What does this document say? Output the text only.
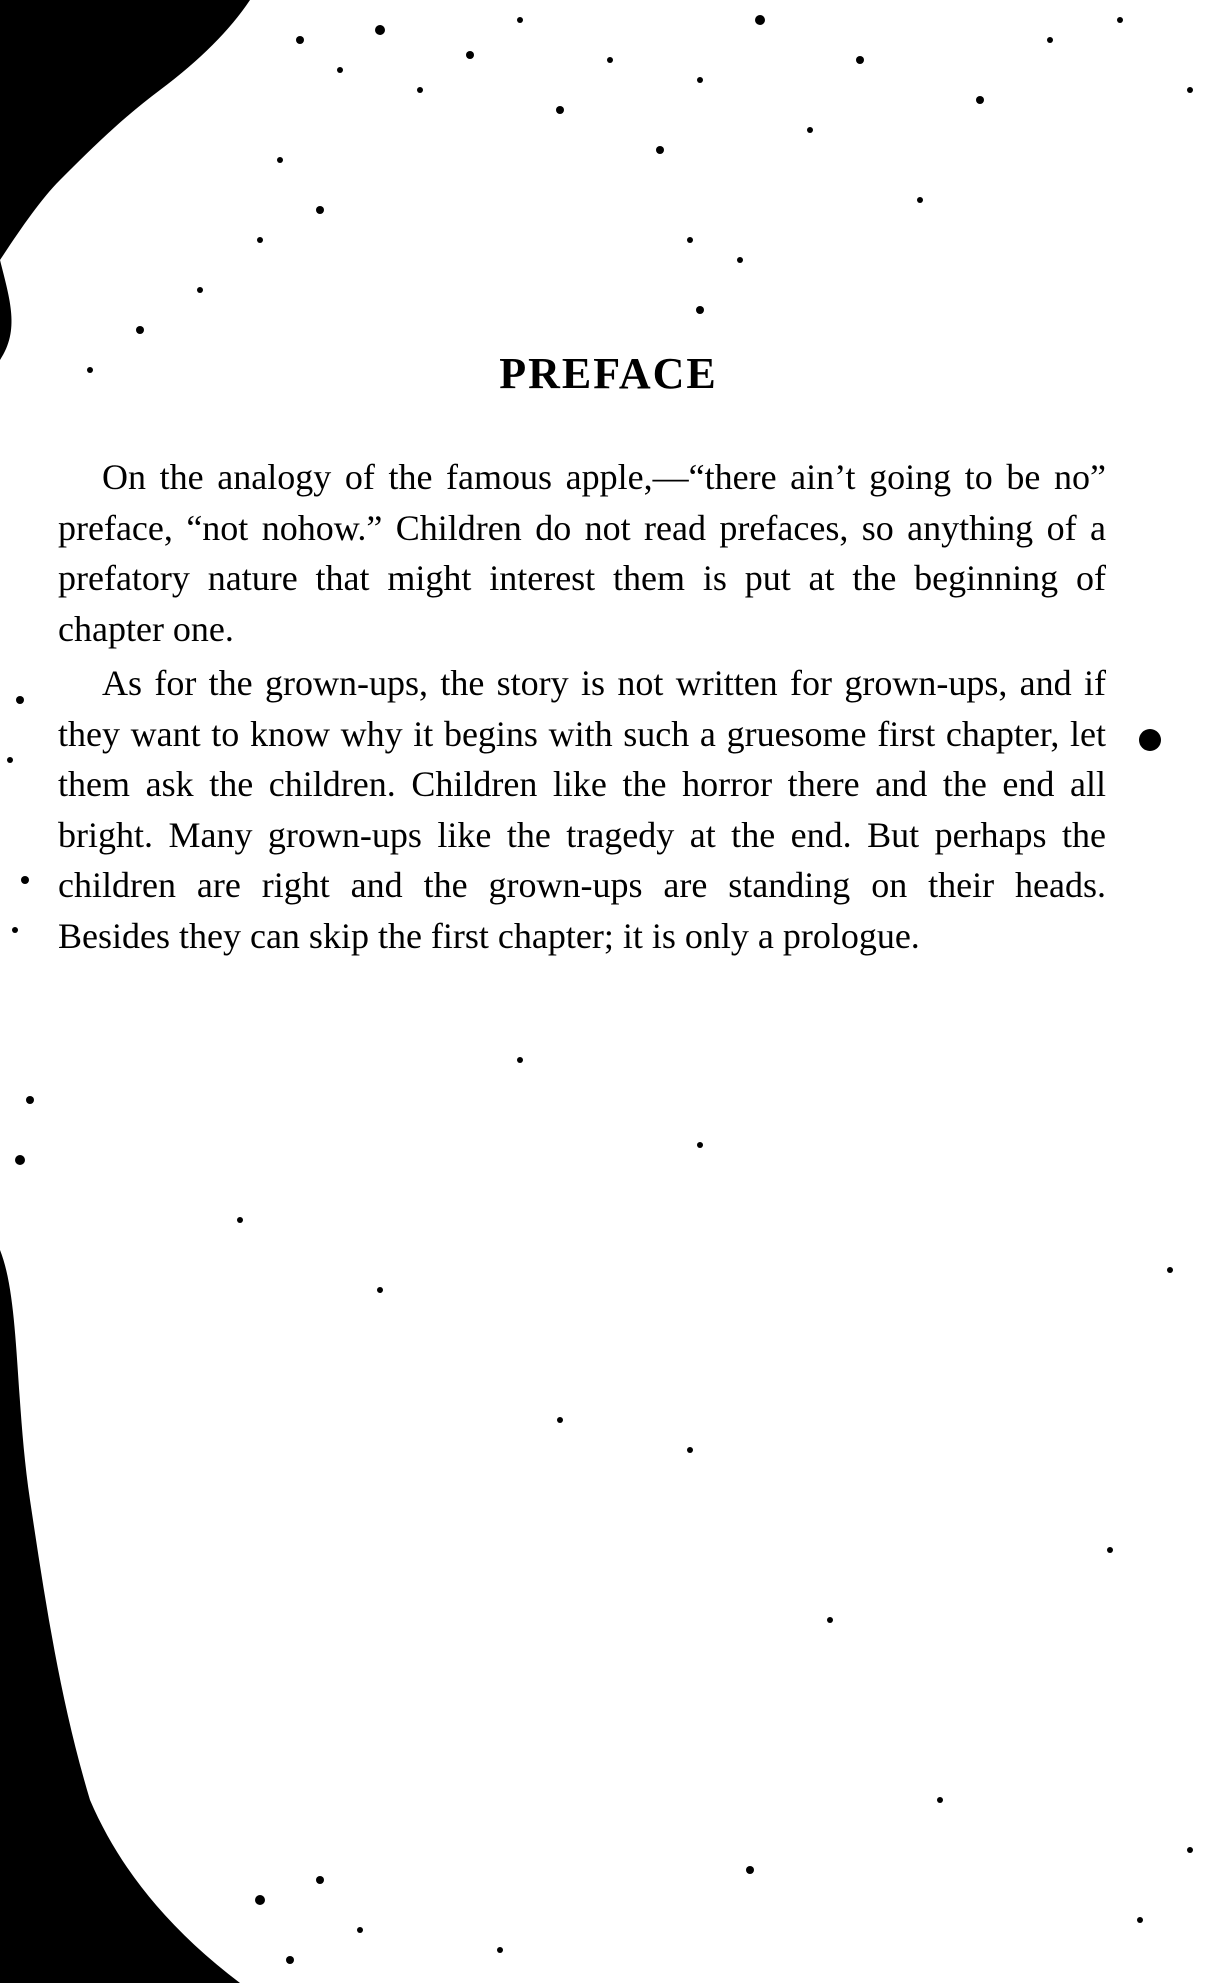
PREFACE

On the analogy of the famous apple,—“there ain’t going to be no” preface, “not nohow.” Children do not read prefaces, so anything of a prefatory nature that might interest them is put at the beginning of chapter one.

As for the grown-ups, the story is not written for grown-ups, and if they want to know why it begins with such a gruesome first chapter, let them ask the children. Children like the horror there and the end all bright. Many grown-ups like the tragedy at the end. But perhaps the children are right and the grown-ups are standing on their heads. Besides they can skip the first chapter; it is only a prologue.
